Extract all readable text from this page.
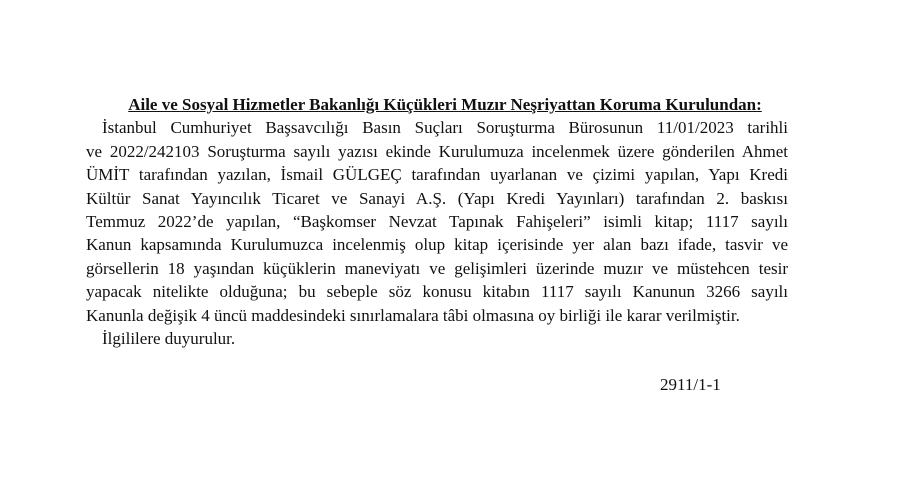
Aile ve Sosyal Hizmetler Bakanlığı Küçükleri Muzır Neşriyattan Koruma Kurulundan:

İstanbul Cumhuriyet Başsavcılığı Basın Suçları Soruşturma Bürosunun 11/01/2023 tarihli
ve 2022/242103 Soruşturma sayılı yazısı ekinde Kurulumuza incelenmek üzere gönderilen Ahmet
ÜMİT tarafından yazılan, İsmail GÜLGEÇ tarafından uyarlanan ve çizimi yapılan, Yapı Kredi
Kültür Sanat Yayıncılık Ticaret ve Sanayi A.Ş. (Yapı Kredi Yayınları) tarafından 2. baskısı
Temmuz 2022’de yapılan, “Başkomser Nevzat Tapınak Fahişeleri” isimli kitap; 1117 sayılı
Kanun kapsamında Kurulumuzca incelenmiş olup kitap içerisinde yer alan bazı ifade, tasvir ve
görsellerin 18 yaşından küçüklerin maneviyatı ve gelişimleri üzerinde muzır ve müstehcen tesir
yapacak nitelikte olduğuna; bu sebeple söz konusu kitabın 1117 sayılı Kanunun 3266 sayılı
Kanunla değişik 4 üncü maddesindeki sınırlamalara tâbi olmasına oy birliği ile karar verilmiştir.

İlgililere duyurulur.

2911/1-1
